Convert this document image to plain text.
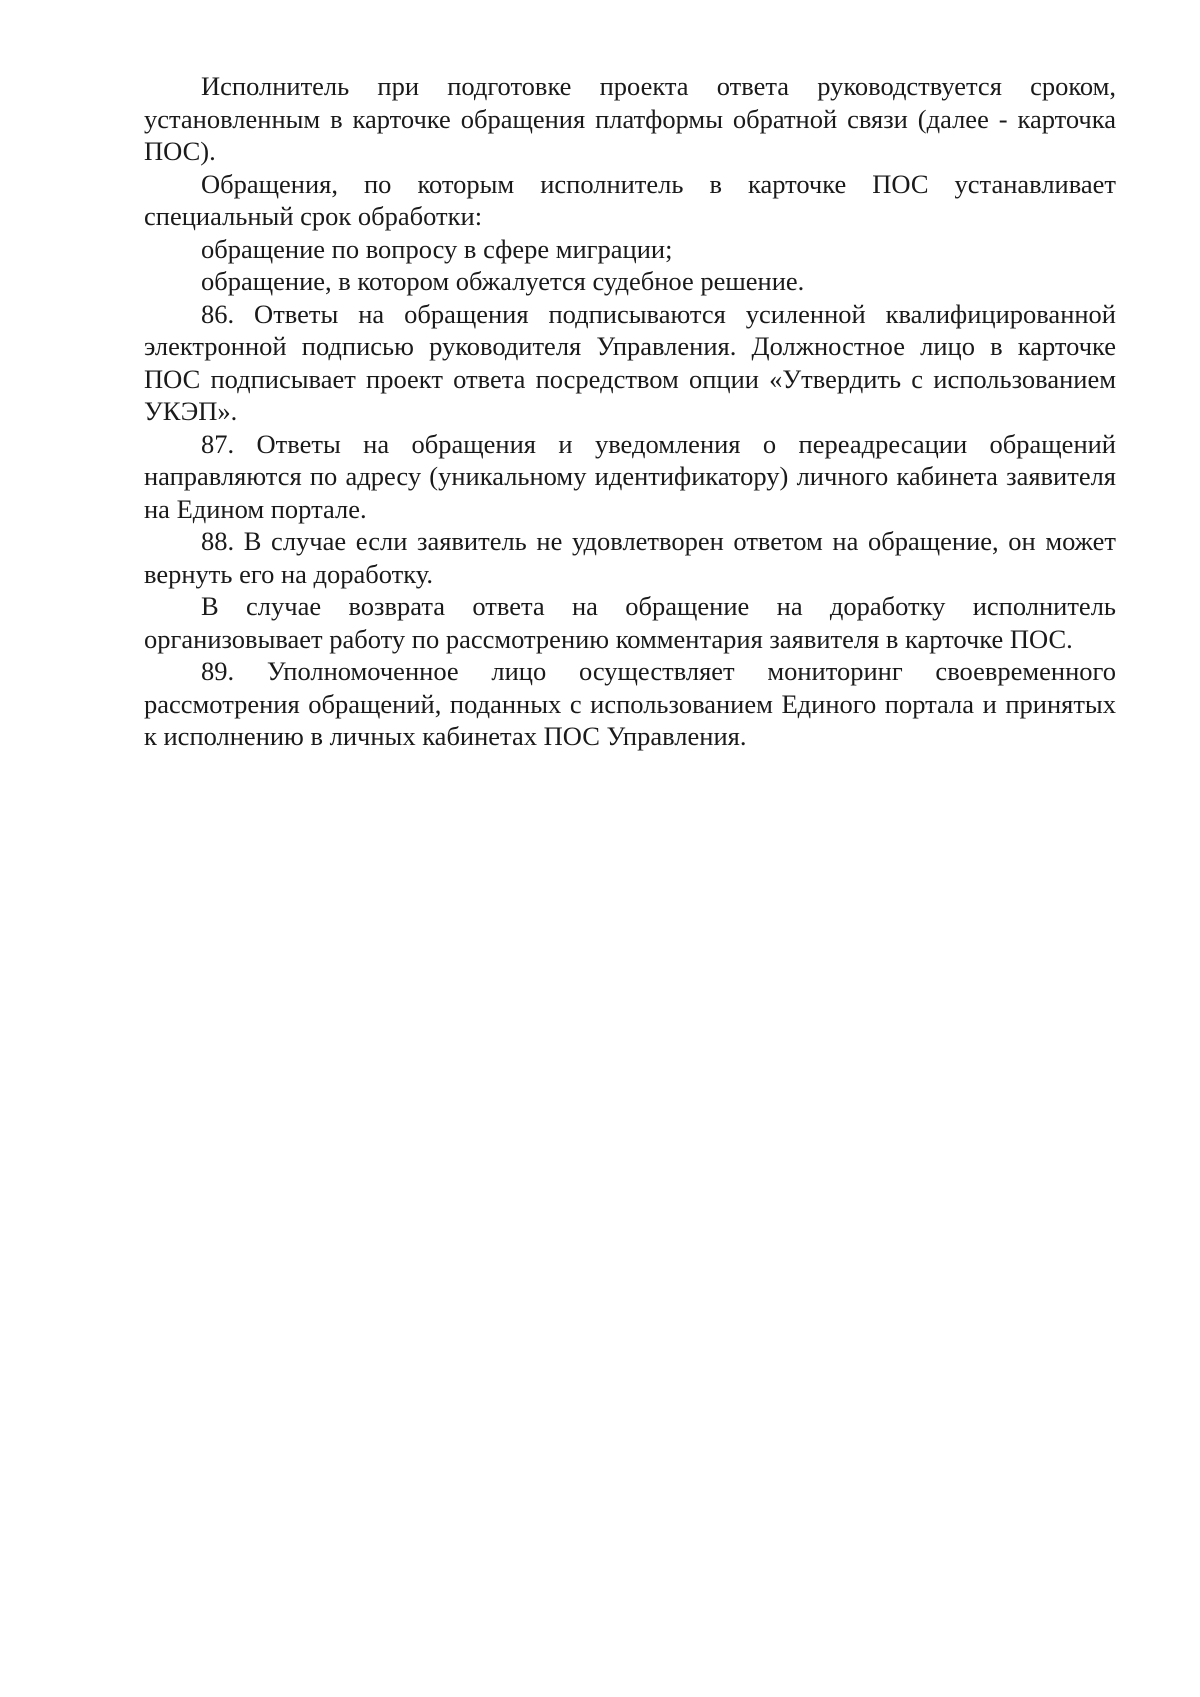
Исполнитель при подготовке проекта ответа руководствуется сроком, установленным в карточке обращения платформы обратной связи (далее - карточка ПОС).

Обращения, по которым исполнитель в карточке ПОС устанавливает специальный срок обработки:

обращение по вопросу в сфере миграции;

обращение, в котором обжалуется судебное решение.

86. Ответы на обращения подписываются усиленной квалифицированной электронной подписью руководителя Управления. Должностное лицо в карточке ПОС подписывает проект ответа посредством опции «Утвердить с использованием УКЭП».

87. Ответы на обращения и уведомления о переадресации обращений направляются по адресу (уникальному идентификатору) личного кабинета заявителя на Едином портале.

88. В случае если заявитель не удовлетворен ответом на обращение, он может вернуть его на доработку.

В случае возврата ответа на обращение на доработку исполнитель организовывает работу по рассмотрению комментария заявителя в карточке ПОС.

89. Уполномоченное лицо осуществляет мониторинг своевременного рассмотрения обращений, поданных с использованием Единого портала и принятых к исполнению в личных кабинетах ПОС Управления.
